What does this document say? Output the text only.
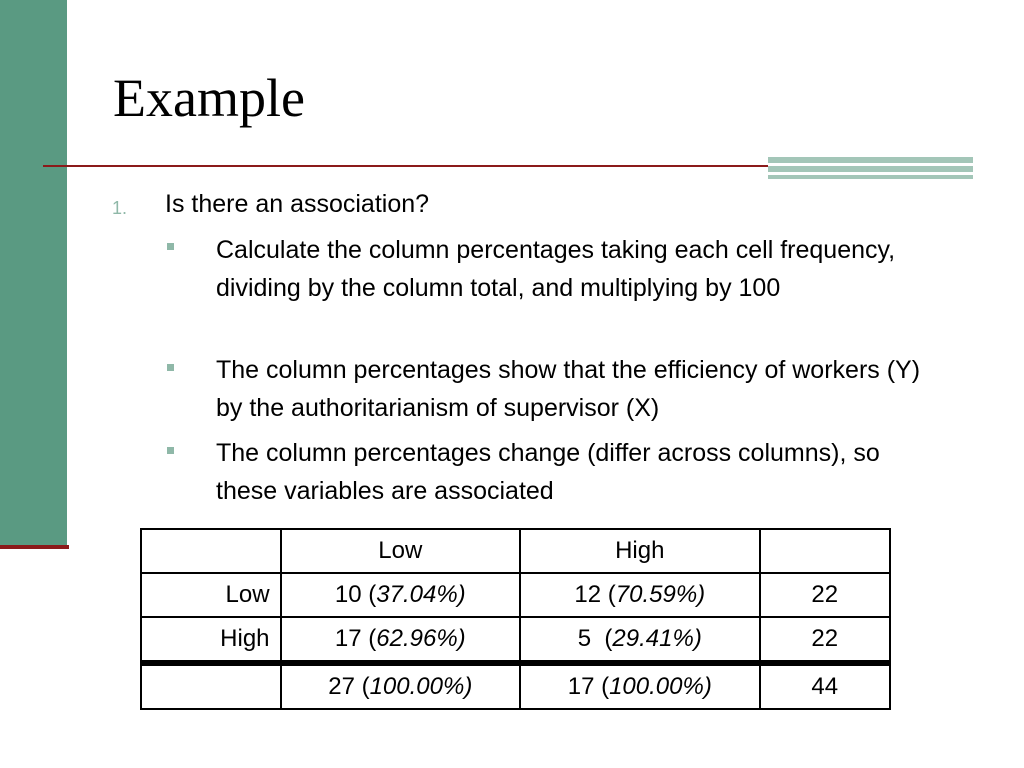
Example
1. Is there an association?
Calculate the column percentages taking each cell frequency, dividing by the column total, and multiplying by 100
The column percentages show that the efficiency of workers (Y) by the authoritarianism of supervisor (X)
The column percentages change (differ across columns), so these variables are associated
	Low	High	
Low	10 (37.04%)	12 (70.59%)	22
High	17 (62.96%)	5  (29.41%)	22
	27 (100.00%)	17 (100.00%)	44
